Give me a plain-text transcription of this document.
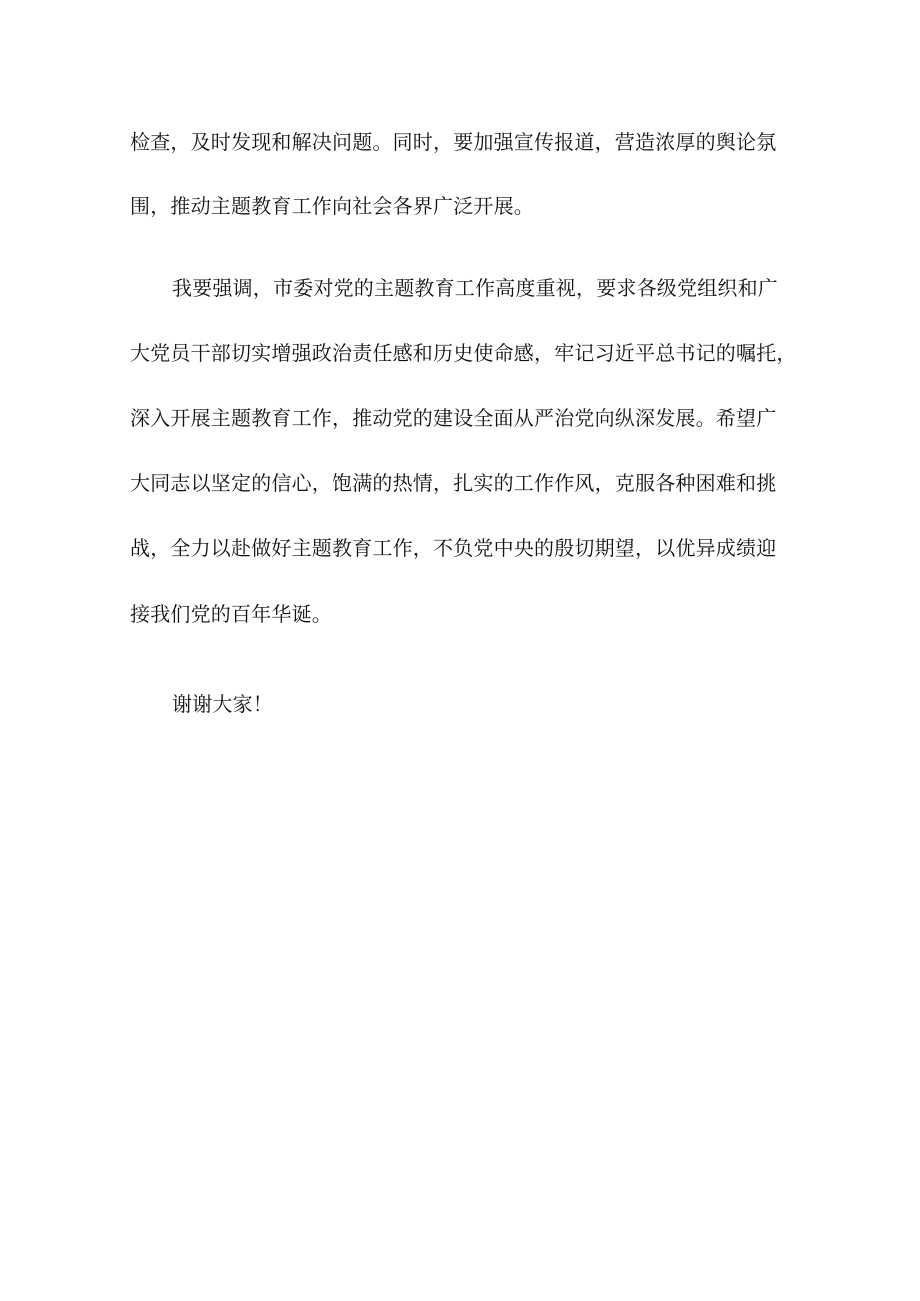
检查，及时发现和解决问题。同时，要加强宣传报道，营造浓厚的舆论氛
围，推动主题教育工作向社会各界广泛开展。
我要强调，市委对党的主题教育工作高度重视，要求各级党组织和广
大党员干部切实增强政治责任感和历史使命感，牢记习近平总书记的嘱托，
深入开展主题教育工作，推动党的建设全面从严治党向纵深发展。希望广
大同志以坚定的信心，饱满的热情，扎实的工作作风，克服各种困难和挑
战，全力以赴做好主题教育工作，不负党中央的殷切期望，以优异成绩迎
接我们党的百年华诞。
谢谢大家！
